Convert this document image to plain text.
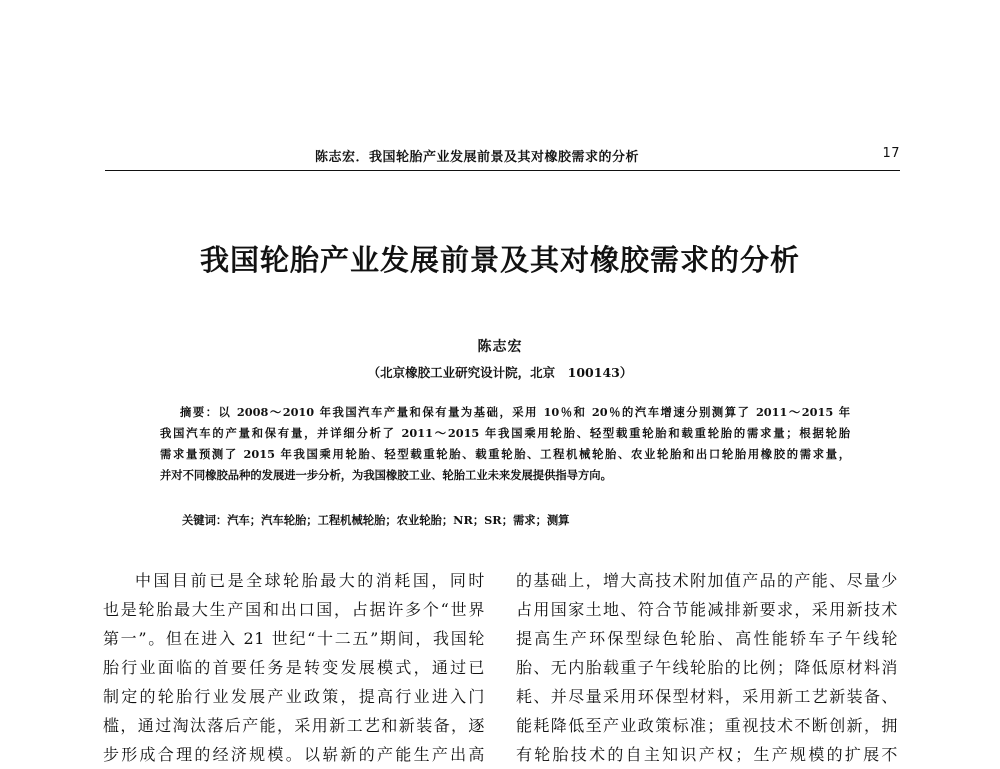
陈志宏．我国轮胎产业发展前景及其对橡胶需求的分析	17
我国轮胎产业发展前景及其对橡胶需求的分析
陈志宏
（北京橡胶工业研究设计院，北京　100143）
摘要：以 2008～2010 年我国汽车产量和保有量为基础，采用 10％和 20％的汽车增速分别测算了 2011～2015 年
我国汽车的产量和保有量，并详细分析了 2011～2015 年我国乘用轮胎、轻型载重轮胎和载重轮胎的需求量；根据轮胎
需求量预测了 2015 年我国乘用轮胎、轻型载重轮胎、载重轮胎、工程机械轮胎、农业轮胎和出口轮胎用橡胶的需求量，
并对不同橡胶品种的发展进一步分析，为我国橡胶工业、轮胎工业未来发展提供指导方向。
关键词：汽车；汽车轮胎；工程机械轮胎；农业轮胎；NR；SR；需求；测算
中国目前已是全球轮胎最大的消耗国，同时
也是轮胎最大生产国和出口国，占据许多个“世界
第一”。但在进入 21 世纪“十二五”期间，我国轮
胎行业面临的首要任务是转变发展模式，通过已
制定的轮胎行业发展产业政策，提高行业进入门
槛，通过淘汰落后产能，采用新工艺和新装备，逐
步形成合理的经济规模。以崭新的产能生产出高
的基础上，增大高技术附加值产品的产能、尽量少
占用国家土地、符合节能减排新要求，采用新技术
提高生产环保型绿色轮胎、高性能轿车子午线轮
胎、无内胎载重子午线轮胎的比例；降低原材料消
耗、并尽量采用环保型材料，采用新工艺新装备、
能耗降低至产业政策标准；重视技术不断创新，拥
有轮胎技术的自主知识产权；生产规模的扩展不
